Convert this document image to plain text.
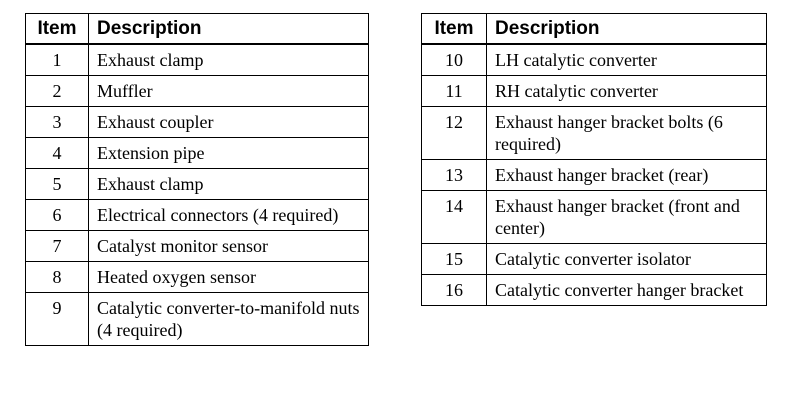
Item	Description
1	Exhaust clamp
2	Muffler
3	Exhaust coupler
4	Extension pipe
5	Exhaust clamp
6	Electrical connectors (4 required)
7	Catalyst monitor sensor
8	Heated oxygen sensor
9	Catalytic converter-to-manifold nuts (4 required)
Item	Description
10	LH catalytic converter
11	RH catalytic converter
12	Exhaust hanger bracket bolts (6 required)
13	Exhaust hanger bracket (rear)
14	Exhaust hanger bracket (front and center)
15	Catalytic converter isolator
16	Catalytic converter hanger bracket
